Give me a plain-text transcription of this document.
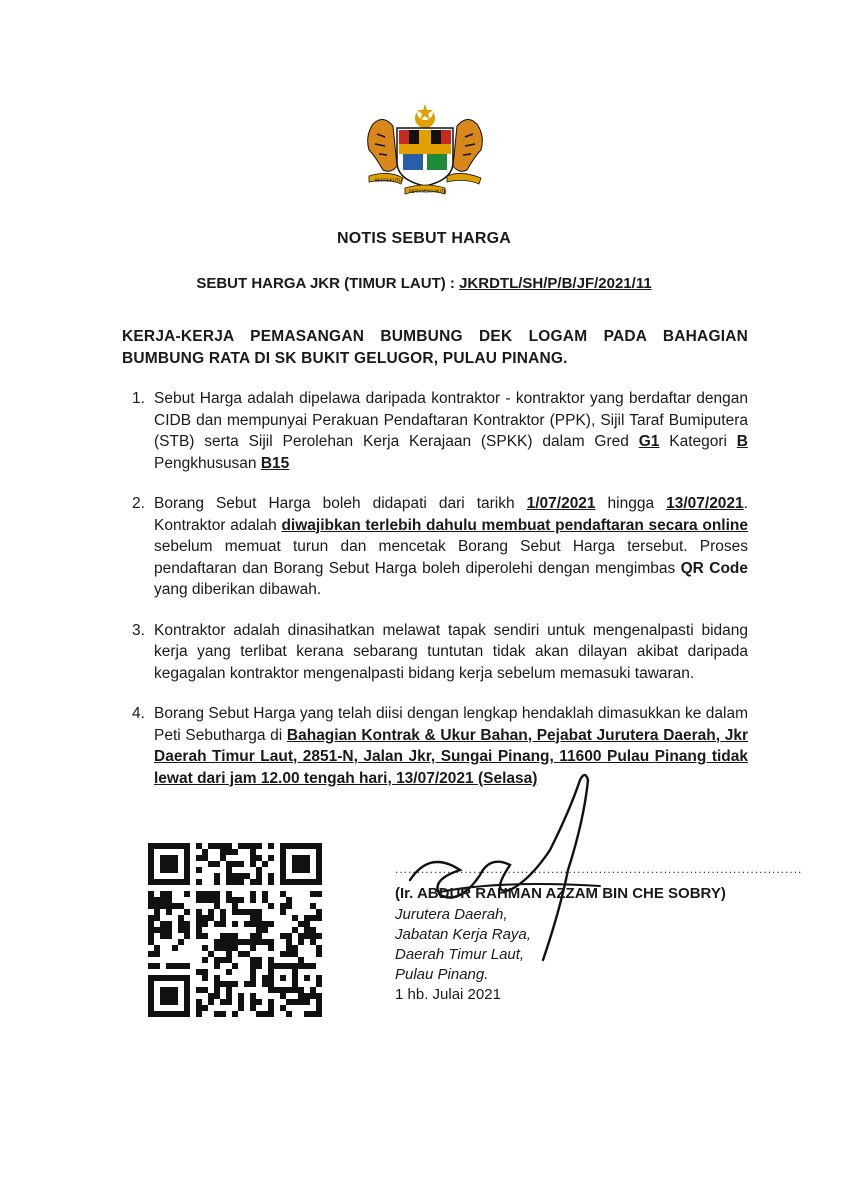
BERSEKUTU
BERTAMBAH MUTU
NOTIS SEBUT HARGA
SEBUT HARGA JKR (TIMUR LAUT) : JKRDTL/SH/P/B/JF/2021/11
KERJA-KERJA PEMASANGAN BUMBUNG DEK LOGAM PADA BAHAGIAN BUMBUNG RATA DI SK BUKIT GELUGOR, PULAU PINANG.
1. Sebut Harga adalah dipelawa daripada kontraktor - kontraktor yang berdaftar dengan CIDB dan mempunyai Perakuan Pendaftaran Kontraktor (PPK), Sijil Taraf Bumiputera (STB) serta Sijil Perolehan Kerja Kerajaan (SPKK) dalam Gred G1 Kategori B Pengkhususan B15
2. Borang Sebut Harga boleh didapati dari tarikh 1/07/2021 hingga 13/07/2021. Kontraktor adalah diwajibkan terlebih dahulu membuat pendaftaran secara online sebelum memuat turun dan mencetak Borang Sebut Harga tersebut. Proses pendaftaran dan Borang Sebut Harga boleh diperolehi dengan mengimbas QR Code yang diberikan dibawah.
3. Kontraktor adalah dinasihatkan melawat tapak sendiri untuk mengenalpasti bidang kerja yang terlibat kerana sebarang tuntutan tidak akan dilayan akibat daripada kegagalan kontraktor mengenalpasti bidang kerja sebelum memasuki tawaran.
4. Borang Sebut Harga yang telah diisi dengan lengkap hendaklah dimasukkan ke dalam Peti Sebutharga di Bahagian Kontrak & Ukur Bahan, Pejabat Jurutera Daerah, Jkr Daerah Timur Laut, 2851-N, Jalan Jkr, Sungai Pinang, 11600 Pulau Pinang tidak lewat dari jam 12.00 tengah hari, 13/07/2021 (Selasa)
..............................................................................................
(Ir. ABDUR RAHMAN AZZAM BIN CHE SOBRY)
Jurutera Daerah,
Jabatan Kerja Raya,
Daerah Timur Laut,
Pulau Pinang.
1 hb. Julai 2021
